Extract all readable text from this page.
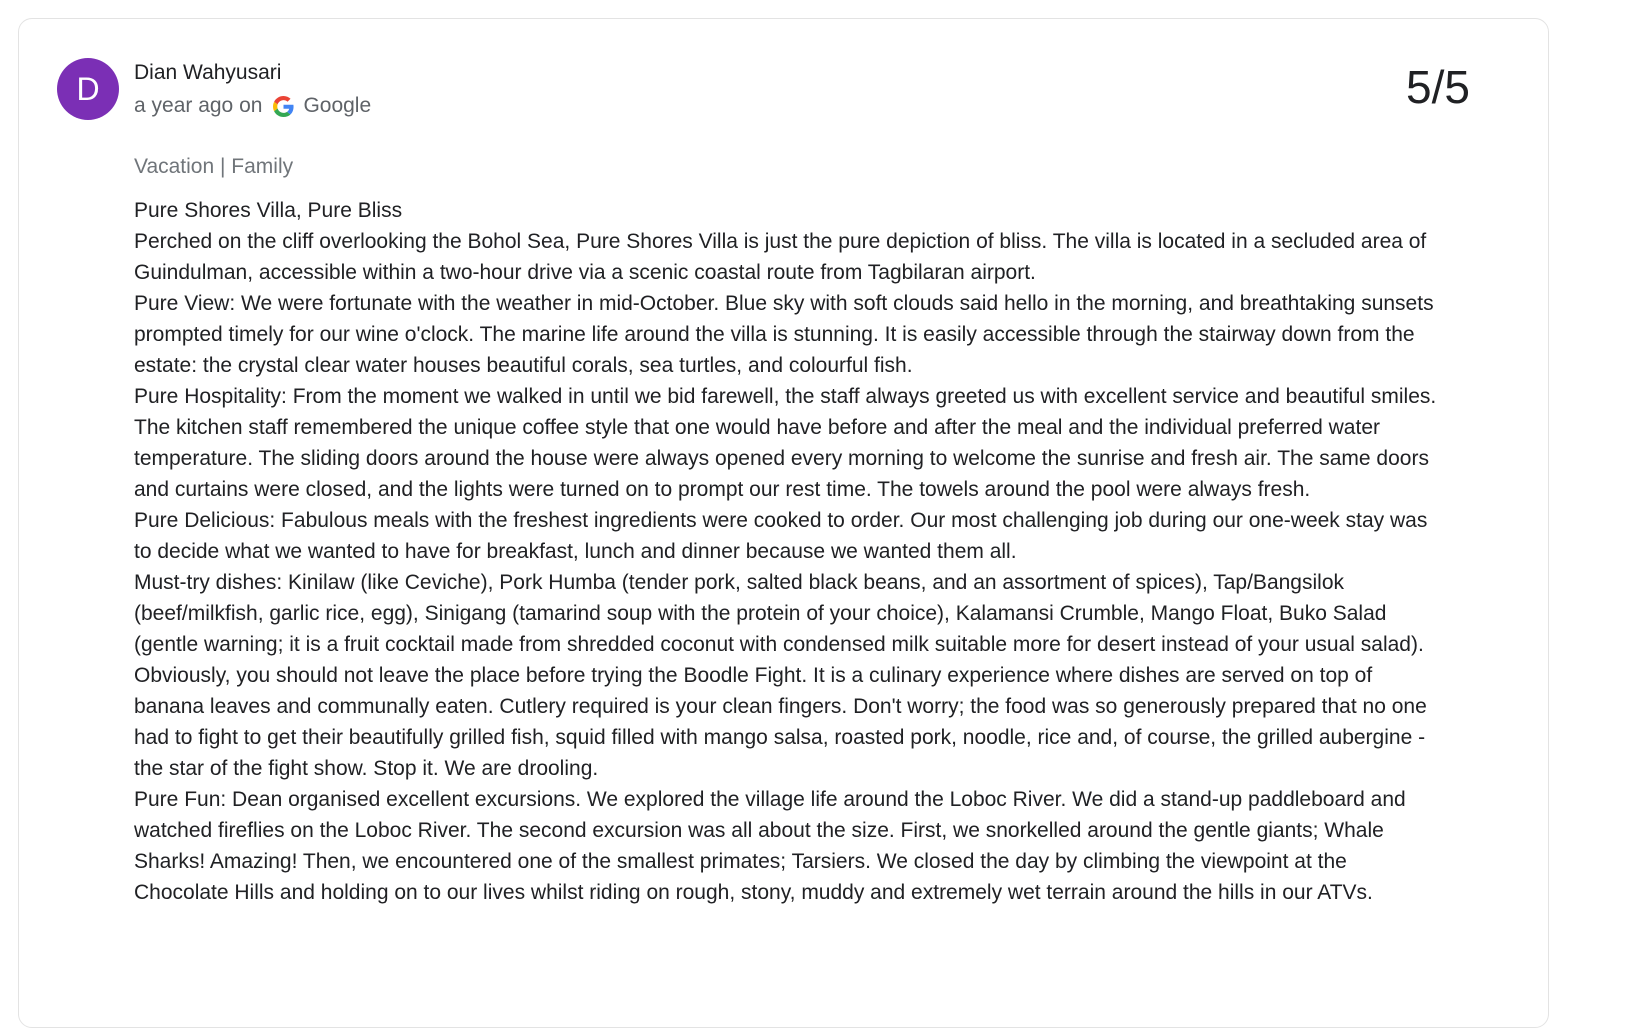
D	Dian Wahyusari
a year ago on Google	5/5
Vacation | Family

Pure Shores Villa, Pure Bliss

Perched on the cliff overlooking the Bohol Sea, Pure Shores Villa is just the pure depiction of bliss. The villa is located in a secluded area of Guindulman, accessible within a two-hour drive via a scenic coastal route from Tagbilaran airport.

Pure View: We were fortunate with the weather in mid-October. Blue sky with soft clouds said hello in the morning, and breathtaking sunsets prompted timely for our wine o'clock. The marine life around the villa is stunning. It is easily accessible through the stairway down from the estate: the crystal clear water houses beautiful corals, sea turtles, and colourful fish.

Pure Hospitality: From the moment we walked in until we bid farewell, the staff always greeted us with excellent service and beautiful smiles. The kitchen staff remembered the unique coffee style that one would have before and after the meal and the individual preferred water temperature. The sliding doors around the house were always opened every morning to welcome the sunrise and fresh air. The same doors and curtains were closed, and the lights were turned on to prompt our rest time. The towels around the pool were always fresh.

Pure Delicious: Fabulous meals with the freshest ingredients were cooked to order. Our most challenging job during our one-week stay was to decide what we wanted to have for breakfast, lunch and dinner because we wanted them all.

Must-try dishes: Kinilaw (like Ceviche), Pork Humba (tender pork, salted black beans, and an assortment of spices), Tap/Bangsilok (beef/milkfish, garlic rice, egg), Sinigang (tamarind soup with the protein of your choice), Kalamansi Crumble, Mango Float, Buko Salad (gentle warning; it is a fruit cocktail made from shredded coconut with condensed milk suitable more for desert instead of your usual salad). Obviously, you should not leave the place before trying the Boodle Fight. It is a culinary experience where dishes are served on top of banana leaves and communally eaten. Cutlery required is your clean fingers. Don't worry; the food was so generously prepared that no one had to fight to get their beautifully grilled fish, squid filled with mango salsa, roasted pork, noodle, rice and, of course, the grilled aubergine - the star of the fight show. Stop it. We are drooling.

Pure Fun: Dean organised excellent excursions. We explored the village life around the Loboc River. We did a stand-up paddleboard and watched fireflies on the Loboc River. The second excursion was all about the size. First, we snorkelled around the gentle giants; Whale Sharks! Amazing! Then, we encountered one of the smallest primates; Tarsiers. We closed the day by climbing the viewpoint at the Chocolate Hills and holding on to our lives whilst riding on rough, stony, muddy and extremely wet terrain around the hills in our ATVs.
